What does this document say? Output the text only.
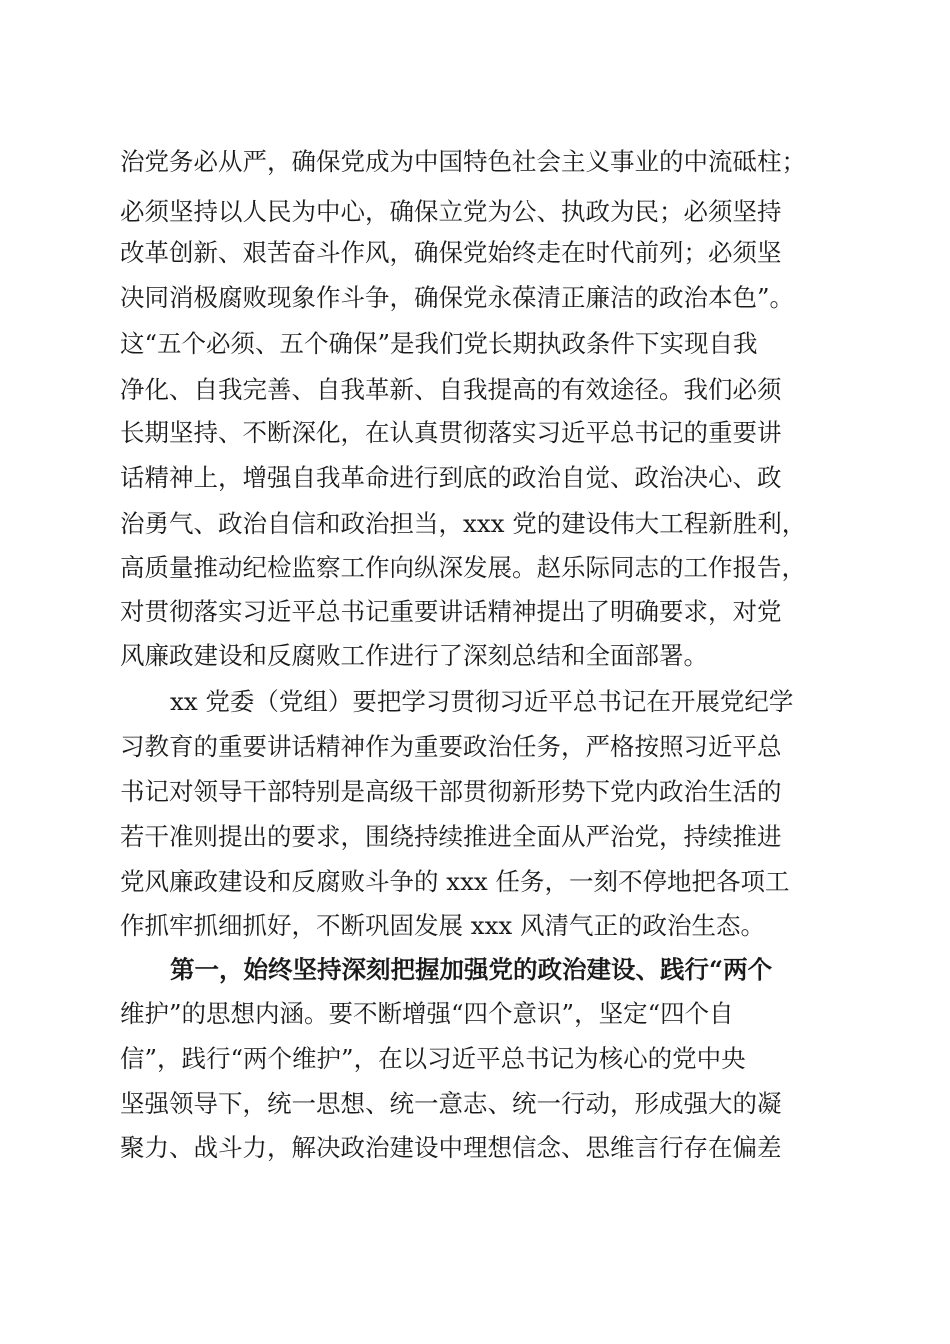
治党务必从严，确保党成为中国特色社会主义事业的中流砥柱；
必须坚持以人民为中心，确保立党为公、执政为民；必须坚持
改革创新、艰苦奋斗作风，确保党始终走在时代前列；必须坚
决同消极腐败现象作斗争，确保党永葆清正廉洁的政治本色”。
这“五个必须、五个确保”是我们党长期执政条件下实现自我
净化、自我完善、自我革新、自我提高的有效途径。我们必须
长期坚持、不断深化，在认真贯彻落实习近平总书记的重要讲
话精神上，增强自我革命进行到底的政治自觉、政治决心、政
治勇气、政治自信和政治担当，xxx 党的建设伟大工程新胜利，
高质量推动纪检监察工作向纵深发展。赵乐际同志的工作报告，
对贯彻落实习近平总书记重要讲话精神提出了明确要求，对党
风廉政建设和反腐败工作进行了深刻总结和全面部署。
xx 党委（党组）要把学习贯彻习近平总书记在开展党纪学
习教育的重要讲话精神作为重要政治任务，严格按照习近平总
书记对领导干部特别是高级干部贯彻新形势下党内政治生活的
若干准则提出的要求，围绕持续推进全面从严治党，持续推进
党风廉政建设和反腐败斗争的 xxx 任务，一刻不停地把各项工
作抓牢抓细抓好，不断巩固发展 xxx 风清气正的政治生态。
第一，始终坚持深刻把握加强党的政治建设、践行“两个
维护”的思想内涵。要不断增强“四个意识”，坚定“四个自
信”，践行“两个维护”，在以习近平总书记为核心的党中央
坚强领导下，统一思想、统一意志、统一行动，形成强大的凝
聚力、战斗力，解决政治建设中理想信念、思维言行存在偏差
